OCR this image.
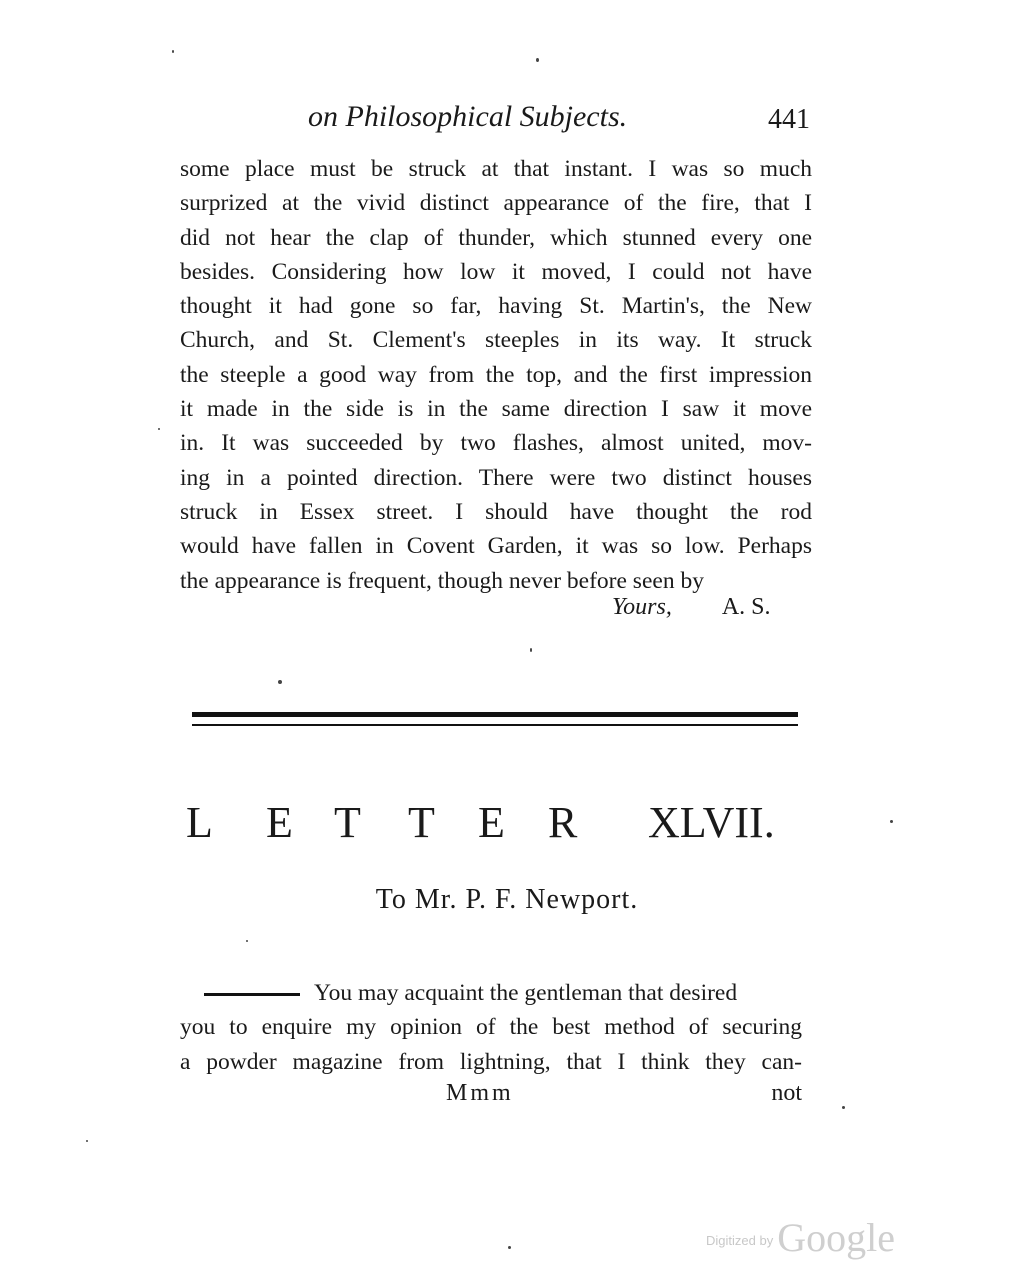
on Philosophical Subjects.	441
some place must be struck at that instant. I was so much
surprized at the vivid distinct appearance of the fire, that I
did not hear the clap of thunder, which stunned every one
besides. Considering how low it moved, I could not have
thought it had gone so far, having St. Martin's, the New
Church, and St. Clement's steeples in its way. It struck
the steeple a good way from the top, and the first impression
it made in the side is in the same direction I saw it move
in. It was succeeded by two flashes, almost united, mov-
ing in a pointed direction. There were two distinct houses
struck in Essex street. I should have thought the rod
would have fallen in Covent Garden, it was so low. Perhaps
the appearance is frequent, though never before seen by
Yours, A. S.
L E T T E R XLVII.
To Mr. P. F. Newport.
You may acquaint the gentleman that desired
you to enquire my opinion of the best method of securing
a powder magazine from lightning, that I think they can-
Mmm	not
$^{Digitized by}$ Google
